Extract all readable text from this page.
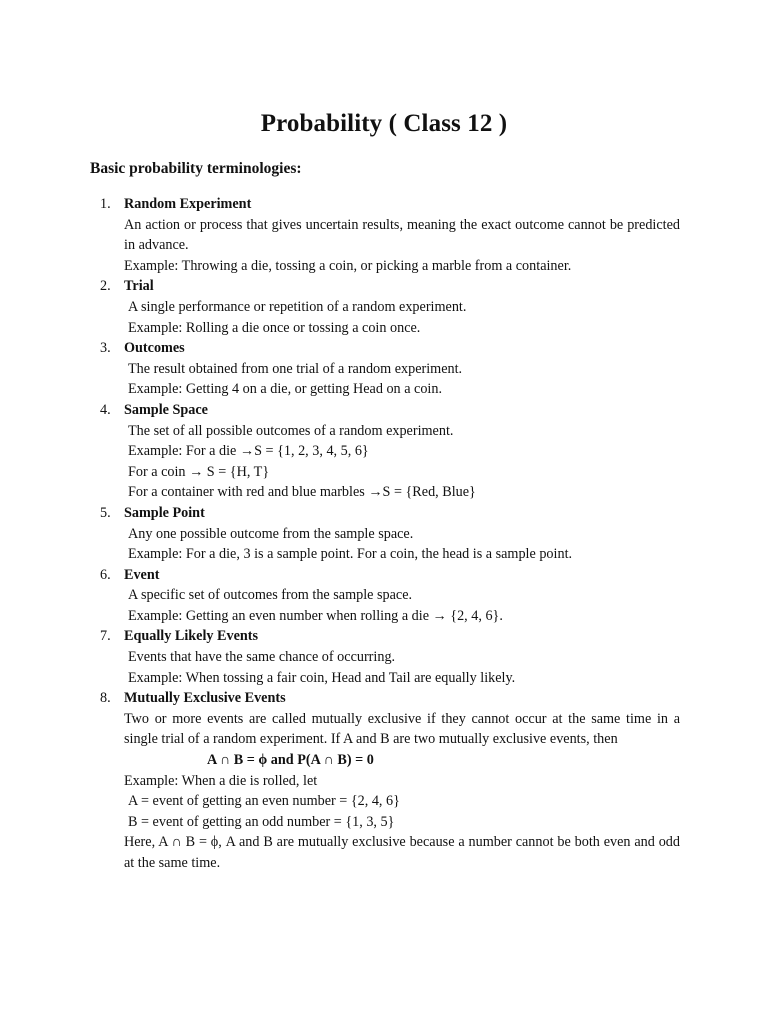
Probability ( Class 12 )
Basic probability terminologies:
1. Random Experiment
An action or process that gives uncertain results, meaning the exact outcome cannot be predicted in advance.
Example: Throwing a die, tossing a coin, or picking a marble from a container.
2. Trial
A single performance or repetition of a random experiment.
Example: Rolling a die once or tossing a coin once.
3. Outcomes
The result obtained from one trial of a random experiment.
Example: Getting 4 on a die, or getting Head on a coin.
4. Sample Space
The set of all possible outcomes of a random experiment.
Example: For a die →S = {1, 2, 3, 4, 5, 6}
For a coin → S = {H, T}
For a container with red and blue marbles →S = {Red, Blue}
5. Sample Point
Any one possible outcome from the sample space.
Example: For a die, 3 is a sample point. For a coin, the head is a sample point.
6. Event
A specific set of outcomes from the sample space.
Example: Getting an even number when rolling a die → {2, 4, 6}.
7. Equally Likely Events
Events that have the same chance of occurring.
Example: When tossing a fair coin, Head and Tail are equally likely.
8. Mutually Exclusive Events
Two or more events are called mutually exclusive if they cannot occur at the same time in a single trial of a random experiment. If A and B are two mutually exclusive events, then
A ∩ B = ϕ and P(A ∩ B) = 0
Example: When a die is rolled, let
A = event of getting an even number = {2, 4, 6}
B = event of getting an odd number = {1, 3, 5}
Here, A ∩ B = ϕ, A and B are mutually exclusive because a number cannot be both even and odd at the same time.
